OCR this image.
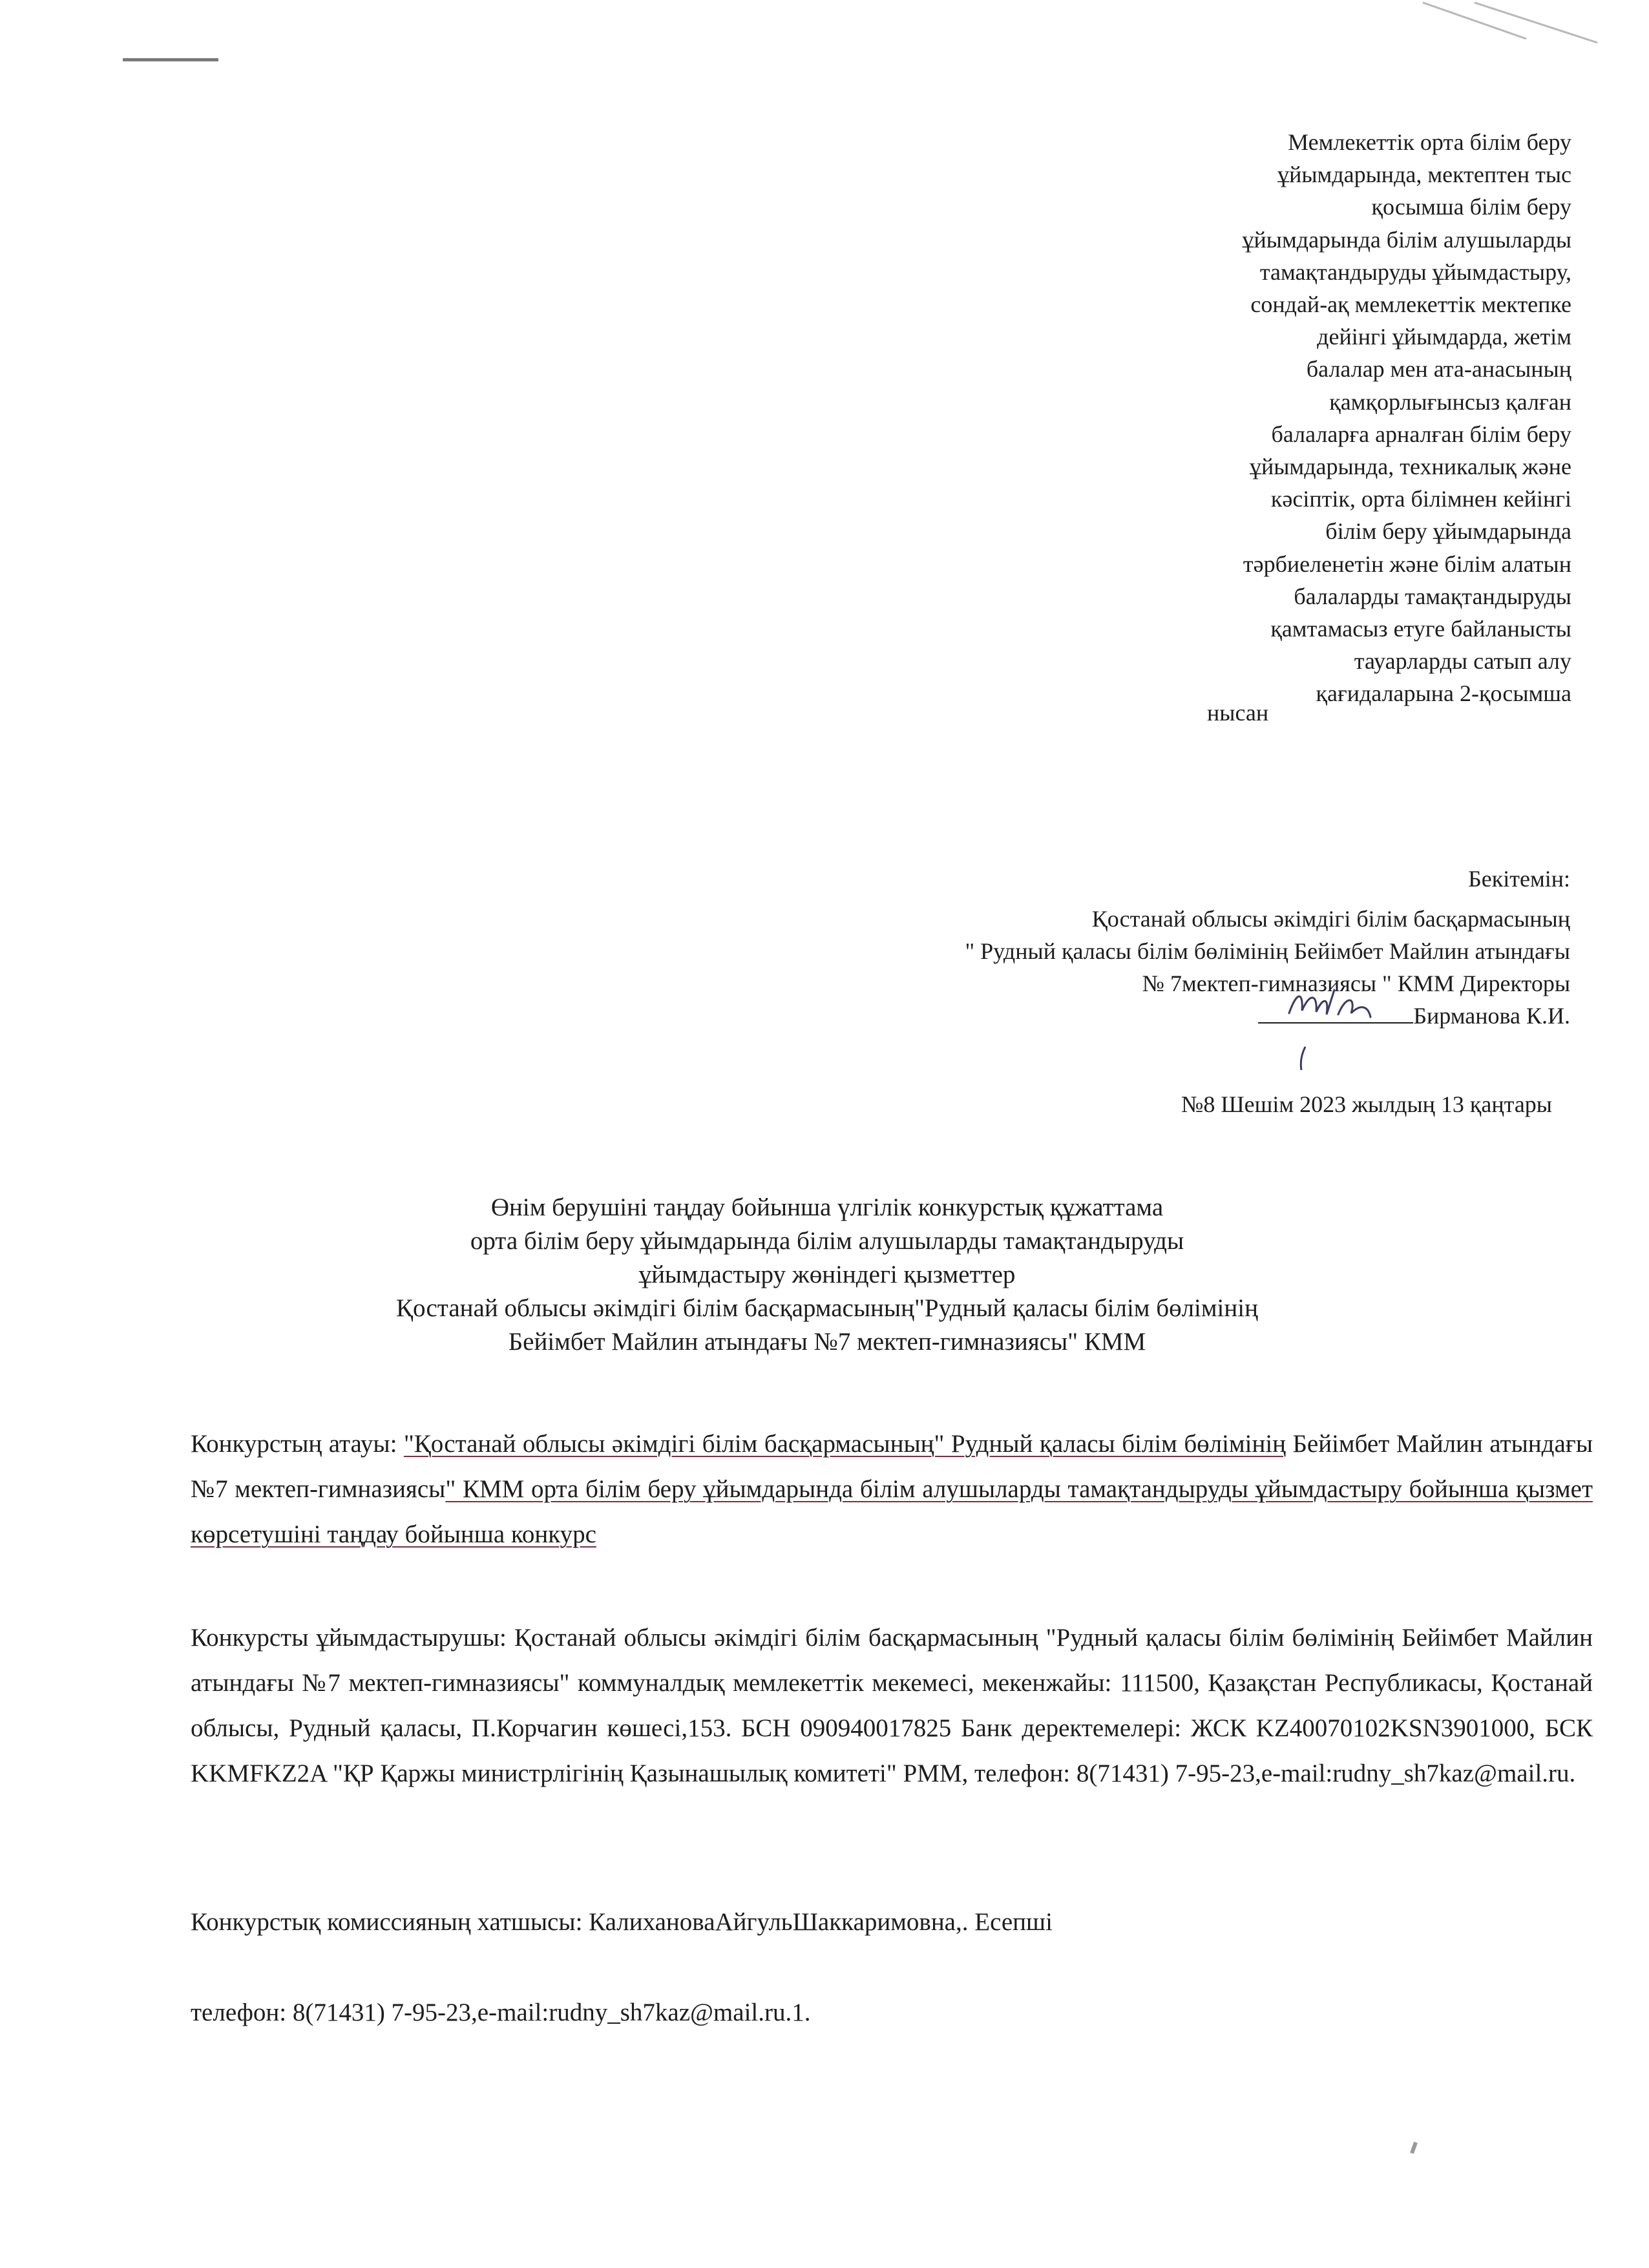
Мемлекеттік орта білім беру
ұйымдарында, мектептен тыс
қосымша білім беру
ұйымдарында білім алушыларды
тамақтандыруды ұйымдастыру,
сондай-ақ мемлекеттік мектепке
дейінгі ұйымдарда, жетім
балалар мен ата-анасының
қамқорлығынсыз қалған
балаларға арналған білім беру
ұйымдарында, техникалық және
кәсіптік, орта білімнен кейінгі
білім беру ұйымдарында
тәрбиеленетін және білім алатын
балаларды тамақтандыруды
қамтамасыз етуге байланысты
тауарларды сатып алу
қағидаларына 2-қосымша
нысан
Бекітемін:
Қостанай облысы әкімдігі білім басқармасының
" Рудный қаласы білім бөлімінің Бейімбет Майлин атындағы
№ 7мектеп-гимназиясы " КММ Директоры
Бирманова К.И.
№8 Шешім 2023 жылдың 13 қаңтары
Өнім берушіні таңдау бойынша үлгілік конкурстық құжаттама
орта білім беру ұйымдарында білім алушыларды тамақтандыруды
ұйымдастыру жөніндегі қызметтер
Қостанай облысы әкімдігі білім басқармасының"Рудный қаласы білім бөлімінің
Бейімбет Майлин атындағы №7 мектеп-гимназиясы" КММ
Конкурстың атауы: "Қостанай облысы әкімдігі білім басқармасының" Рудный қаласы білім бөлімінің Бейімбет Майлин атындағы №7 мектеп-гимназиясы" КММ орта білім беру ұйымдарында білім алушыларды тамақтандыруды ұйымдастыру бойынша қызмет көрсетушіні таңдау бойынша конкурс
Конкурсты ұйымдастырушы: Қостанай облысы әкімдігі білім басқармасының "Рудный қаласы білім бөлімінің Бейімбет Майлин атындағы №7 мектеп-гимназиясы" коммуналдық мемлекеттік мекемесі, мекенжайы: 111500, Қазақстан Республикасы, Қостанай облысы, Рудный қаласы, П.Корчагин көшесі,153. БСН 090940017825 Банк деректемелері: ЖСК KZ40070102KSN3901000, БСК KKMFKZ2A "ҚР Қаржы министрлігінің Қазынашылық комитеті" РММ, телефон: 8(71431) 7-95-23,e-mail:rudny_sh7kaz@mail.ru.
Конкурстық комиссияның хатшысы: КалихановаАйгульШаккаримовна,. Есепші
телефон: 8(71431) 7-95-23,e-mail:rudny_sh7kaz@mail.ru.1.
